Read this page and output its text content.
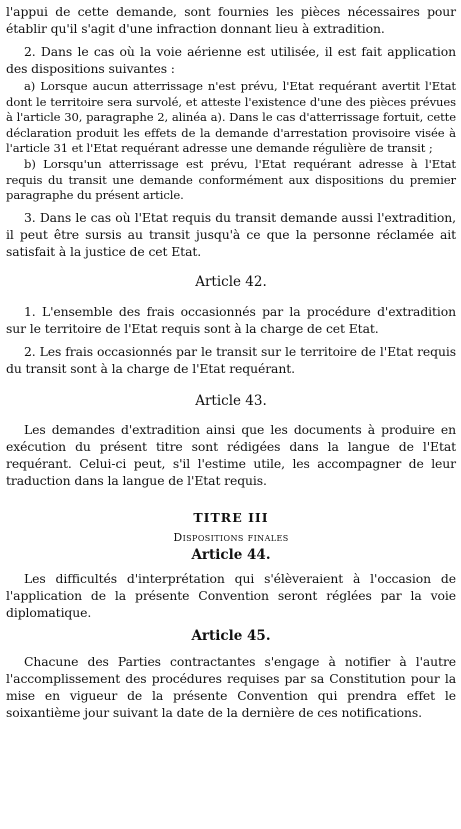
l'appui de cette demande, sont fournies les pièces nécessaires pour établir qu'il s'agit d'une infraction donnant lieu à extradition.

2. Dans le cas où la voie aérienne est utilisée, il est fait application des dispositions suivantes :

a) Lorsque aucun atterrissage n'est prévu, l'Etat requérant avertit l'Etat dont le territoire sera survolé, et atteste l'existence d'une des pièces prévues à l'article 30, paragraphe 2, alinéa a). Dans le cas d'atterrissage fortuit, cette déclaration produit les effets de la demande d'arrestation provisoire visée à l'article 31 et l'Etat requérant adresse une demande régulière de transit ;

b) Lorsqu'un atterrissage est prévu, l'Etat requérant adresse à l'Etat requis du transit une demande conformément aux dispositions du premier paragraphe du présent article.

3. Dans le cas où l'Etat requis du transit demande aussi l'extradition, il peut être sursis au transit jusqu'à ce que la personne réclamée ait satisfait à la justice de cet Etat.

Article 42.

1. L'ensemble des frais occasionnés par la procédure d'extradition sur le territoire de l'Etat requis sont à la charge de cet Etat.

2. Les frais occasionnés par le transit sur le territoire de l'Etat requis du transit sont à la charge de l'Etat requérant.

Article 43.

Les demandes d'extradition ainsi que les documents à produire en exécution du présent titre sont rédigées dans la langue de l'Etat requérant. Celui-ci peut, s'il l'estime utile, les accompagner de leur traduction dans la langue de l'Etat requis.

TITRE III

Dispositions finales

Article 44.

Les difficultés d'interprétation qui s'élèveraient à l'occasion de l'application de la présente Convention seront réglées par la voie diplomatique.

Article 45.

Chacune des Parties contractantes s'engage à notifier à l'autre l'accomplissement des procédures requises par sa Constitution pour la mise en vigueur de la présente Convention qui prendra effet le soixantième jour suivant la date de la dernière de ces notifications.
